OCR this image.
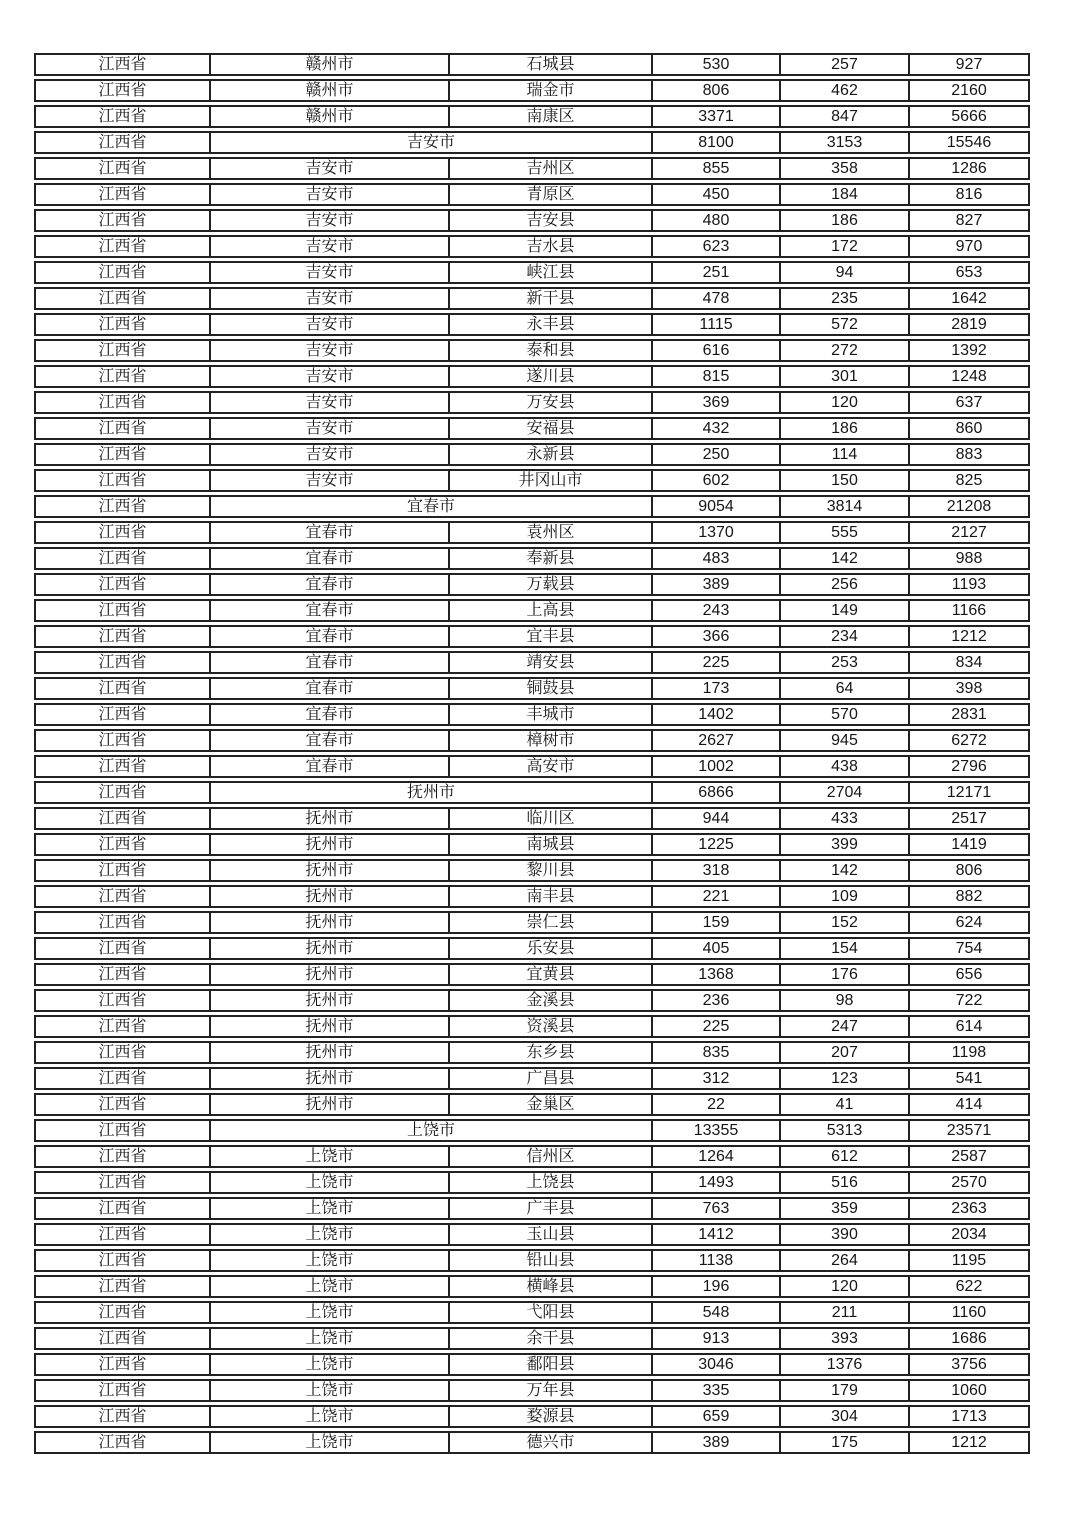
江西省	赣州市	石城县	530	257	927
江西省	赣州市	瑞金市	806	462	2160
江西省	赣州市	南康区	3371	847	5666
江西省	吉安市	8100	3153	15546
江西省	吉安市	吉州区	855	358	1286
江西省	吉安市	青原区	450	184	816
江西省	吉安市	吉安县	480	186	827
江西省	吉安市	吉水县	623	172	970
江西省	吉安市	峡江县	251	94	653
江西省	吉安市	新干县	478	235	1642
江西省	吉安市	永丰县	1115	572	2819
江西省	吉安市	泰和县	616	272	1392
江西省	吉安市	遂川县	815	301	1248
江西省	吉安市	万安县	369	120	637
江西省	吉安市	安福县	432	186	860
江西省	吉安市	永新县	250	114	883
江西省	吉安市	井冈山市	602	150	825
江西省	宜春市	9054	3814	21208
江西省	宜春市	袁州区	1370	555	2127
江西省	宜春市	奉新县	483	142	988
江西省	宜春市	万载县	389	256	1193
江西省	宜春市	上高县	243	149	1166
江西省	宜春市	宜丰县	366	234	1212
江西省	宜春市	靖安县	225	253	834
江西省	宜春市	铜鼓县	173	64	398
江西省	宜春市	丰城市	1402	570	2831
江西省	宜春市	樟树市	2627	945	6272
江西省	宜春市	高安市	1002	438	2796
江西省	抚州市	6866	2704	12171
江西省	抚州市	临川区	944	433	2517
江西省	抚州市	南城县	1225	399	1419
江西省	抚州市	黎川县	318	142	806
江西省	抚州市	南丰县	221	109	882
江西省	抚州市	崇仁县	159	152	624
江西省	抚州市	乐安县	405	154	754
江西省	抚州市	宜黄县	1368	176	656
江西省	抚州市	金溪县	236	98	722
江西省	抚州市	资溪县	225	247	614
江西省	抚州市	东乡县	835	207	1198
江西省	抚州市	广昌县	312	123	541
江西省	抚州市	金巢区	22	41	414
江西省	上饶市	13355	5313	23571
江西省	上饶市	信州区	1264	612	2587
江西省	上饶市	上饶县	1493	516	2570
江西省	上饶市	广丰县	763	359	2363
江西省	上饶市	玉山县	1412	390	2034
江西省	上饶市	铅山县	1138	264	1195
江西省	上饶市	横峰县	196	120	622
江西省	上饶市	弋阳县	548	211	1160
江西省	上饶市	余干县	913	393	1686
江西省	上饶市	鄱阳县	3046	1376	3756
江西省	上饶市	万年县	335	179	1060
江西省	上饶市	婺源县	659	304	1713
江西省	上饶市	德兴市	389	175	1212
